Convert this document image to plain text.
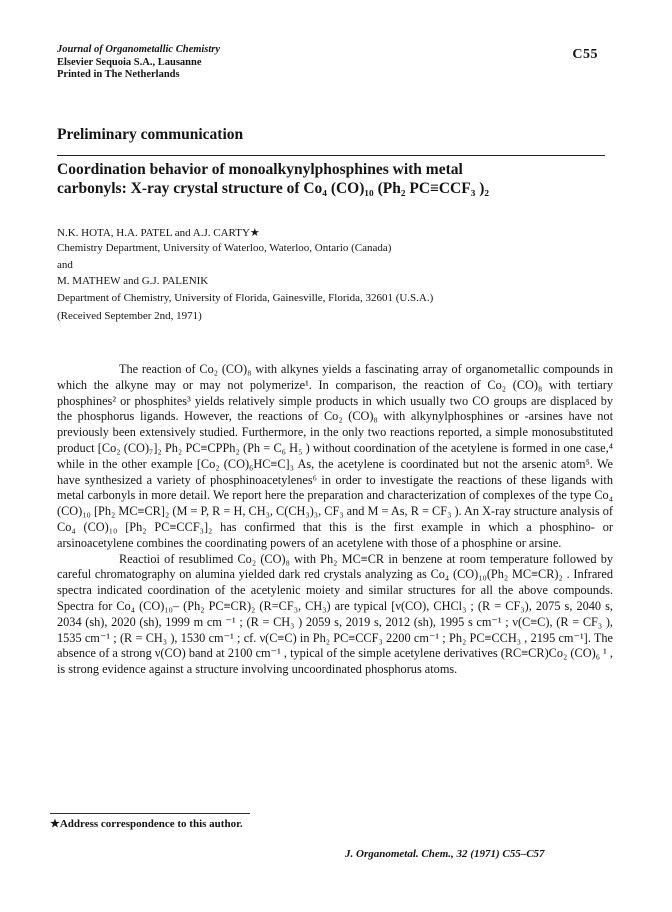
Journal of Organometallic Chemistry
Elsevier Sequoia S.A., Lausanne
Printed in The Netherlands
C55
Preliminary communication
Coordination behavior of monoalkynylphosphines with metal
carbonyls: X-ray crystal structure of Co₄ (CO)₁₀ (Ph₂ PC≡CCF₃ )₂
N.K. HOTA, H.A. PATEL and A.J. CARTY★
Chemistry Department, University of Waterloo, Waterloo, Ontario (Canada)
and
M. MATHEW and G.J. PALENIK
Department of Chemistry, University of Florida, Gainesville, Florida, 32601 (U.S.A.)
(Received September 2nd, 1971)

The reaction of Co₂ (CO)₈ with alkynes yields a fascinating array of organometallic compounds in which the alkyne may or may not polymerize¹. In comparison, the reaction of Co₂ (CO)₈ with tertiary phosphines² or phosphites³ yields relatively simple products in which usually two CO groups are displaced by the phosphorus ligands. However, the reactions of Co₂ (CO)₈ with alkynylphosphines or -arsines have not previously been extensively studied. Furthermore, in the only two reactions reported, a simple monosubstituted product [Co₂ (CO)₇]₂ Ph₂ PC≡CPPh₂ (Ph = C₆ H₅ ) without coordination of the acetylene is formed in one case,⁴ while in the other example [Co₂ (CO)₆HC≡C]₃ As, the acetylene is coordinated but not the arsenic atom⁵. We have synthesized a variety of phosphinoacetylenes⁶ in order to investigate the reactions of these ligands with metal carbonyls in more detail. We report here the preparation and characterization of complexes of the type Co₄ (CO)₁₀ [Ph₂ MC≡CR]₂ (M = P, R = H, CH₃, C(CH₃)₃, CF₃ and M = As, R = CF₃ ). An X-ray structure analysis of Co₄ (CO)₁₀ [Ph₂ PC≡CCF₃]₂ has confirmed that this is the first example in which a phosphino- or arsinoacetylene combines the coordinating powers of an acetylene with those of a phosphine or arsine.

Reactioi of resublimed Co₂ (CO)₈ with Ph₂ MC≡CR in benzene at room temperature followed by careful chromatography on alumina yielded dark red crystals analyzing as Co₄ (CO)₁₀(Ph₂ MC≡CR)₂ . Infrared spectra indicated coordination of the acetylenic moiety and similar structures for all the above compounds. Spectra for Co₄ (CO)₁₀– (Ph₂ PC≡CR)₂ (R=CF₃, CH₃) are typical [ν(CO), CHCl₃ ; (R = CF₃), 2075 s, 2040 s, 2034 (sh), 2020 (sh), 1999 m cm ⁻¹ ; (R = CH₃ ) 2059 s, 2019 s, 2012 (sh), 1995 s cm⁻¹ ; ν(C≡C), (R = CF₃ ), 1535 cm⁻¹ ; (R = CH₃ ), 1530 cm⁻¹ ; cf. ν(C≡C) in Ph₂ PC≡CCF₃ 2200 cm⁻¹ ; Ph₂ PC≡CCH₃ , 2195 cm⁻¹]. The absence of a strong ν(CO) band at 2100 cm⁻¹ , typical of the simple acetylene derivatives (RC≡CR)Co₂ (CO)₆ ¹ , is strong evidence against a structure involving uncoordinated phosphorus atoms.

★Address correspondence to this author.
J. Organometal. Chem., 32 (1971) C55–C57
